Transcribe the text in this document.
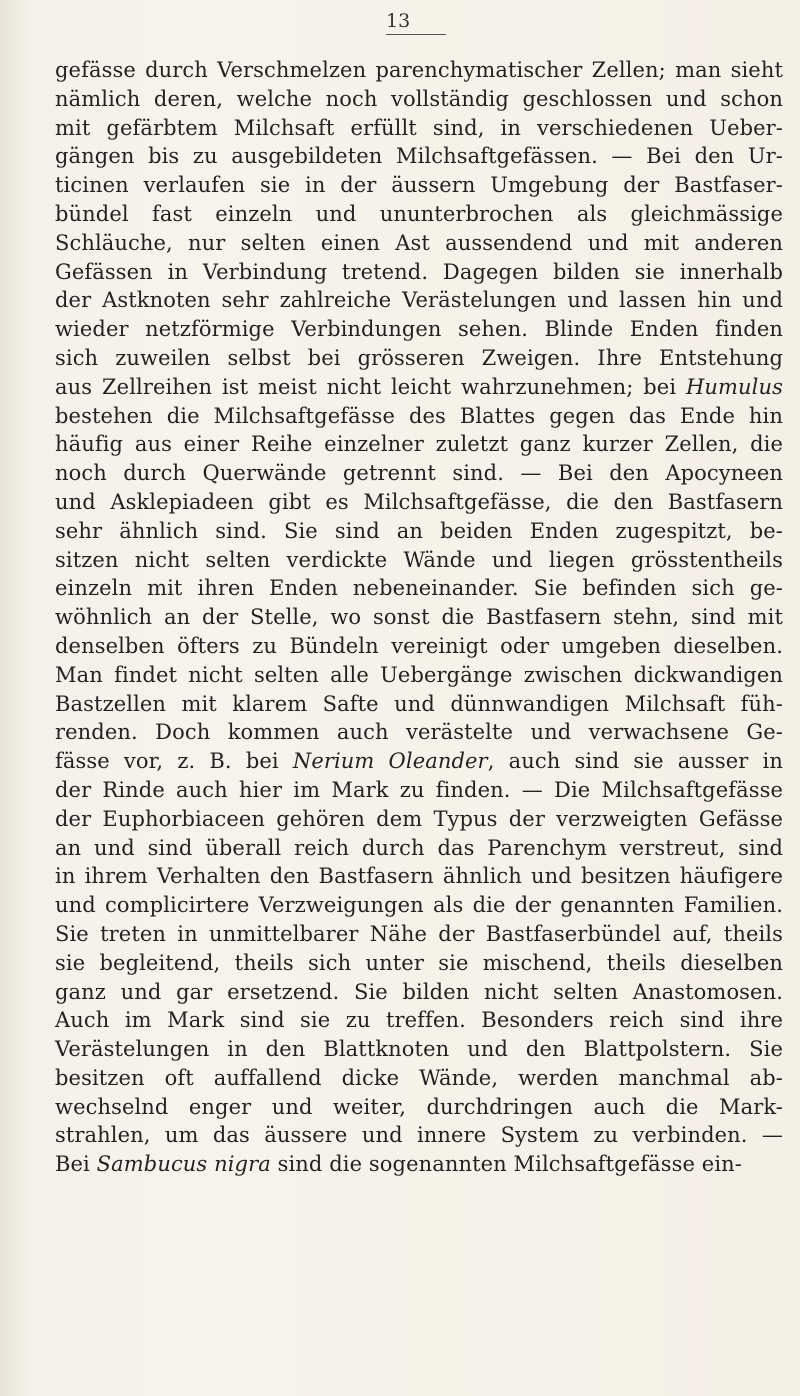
13
gefässe durch Verschmelzen parenchymatischer Zellen; man sieht
nämlich deren, welche noch vollständig geschlossen und schon
mit gefärbtem Milchsaft erfüllt sind, in verschiedenen Ueber-
gängen bis zu ausgebildeten Milchsaftgefässen. — Bei den Ur-
ticinen verlaufen sie in der äussern Umgebung der Bastfaser-
bündel fast einzeln und ununterbrochen als gleichmässige
Schläuche, nur selten einen Ast aussendend und mit anderen
Gefässen in Verbindung tretend. Dagegen bilden sie innerhalb
der Astknoten sehr zahlreiche Verästelungen und lassen hin und
wieder netzförmige Verbindungen sehen. Blinde Enden finden
sich zuweilen selbst bei grösseren Zweigen. Ihre Entstehung
aus Zellreihen ist meist nicht leicht wahrzunehmen; bei Humulus
bestehen die Milchsaftgefässe des Blattes gegen das Ende hin
häufig aus einer Reihe einzelner zuletzt ganz kurzer Zellen, die
noch durch Querwände getrennt sind. — Bei den Apocyneen
und Asklepiadeen gibt es Milchsaftgefässe, die den Bastfasern
sehr ähnlich sind. Sie sind an beiden Enden zugespitzt, be-
sitzen nicht selten verdickte Wände und liegen grösstentheils
einzeln mit ihren Enden nebeneinander. Sie befinden sich ge-
wöhnlich an der Stelle, wo sonst die Bastfasern stehn, sind mit
denselben öfters zu Bündeln vereinigt oder umgeben dieselben.
Man findet nicht selten alle Uebergänge zwischen dickwandigen
Bastzellen mit klarem Safte und dünnwandigen Milchsaft füh-
renden. Doch kommen auch verästelte und verwachsene Ge-
fässe vor, z. B. bei Nerium Oleander, auch sind sie ausser in
der Rinde auch hier im Mark zu finden. — Die Milchsaftgefässe
der Euphorbiaceen gehören dem Typus der verzweigten Gefässe
an und sind überall reich durch das Parenchym verstreut, sind
in ihrem Verhalten den Bastfasern ähnlich und besitzen häufigere
und complicirtere Verzweigungen als die der genannten Familien.
Sie treten in unmittelbarer Nähe der Bastfaserbündel auf, theils
sie begleitend, theils sich unter sie mischend, theils dieselben
ganz und gar ersetzend. Sie bilden nicht selten Anastomosen.
Auch im Mark sind sie zu treffen. Besonders reich sind ihre
Verästelungen in den Blattknoten und den Blattpolstern. Sie
besitzen oft auffallend dicke Wände, werden manchmal ab-
wechselnd enger und weiter, durchdringen auch die Mark-
strahlen, um das äussere und innere System zu verbinden. —
Bei Sambucus nigra sind die sogenannten Milchsaftgefässe ein-
